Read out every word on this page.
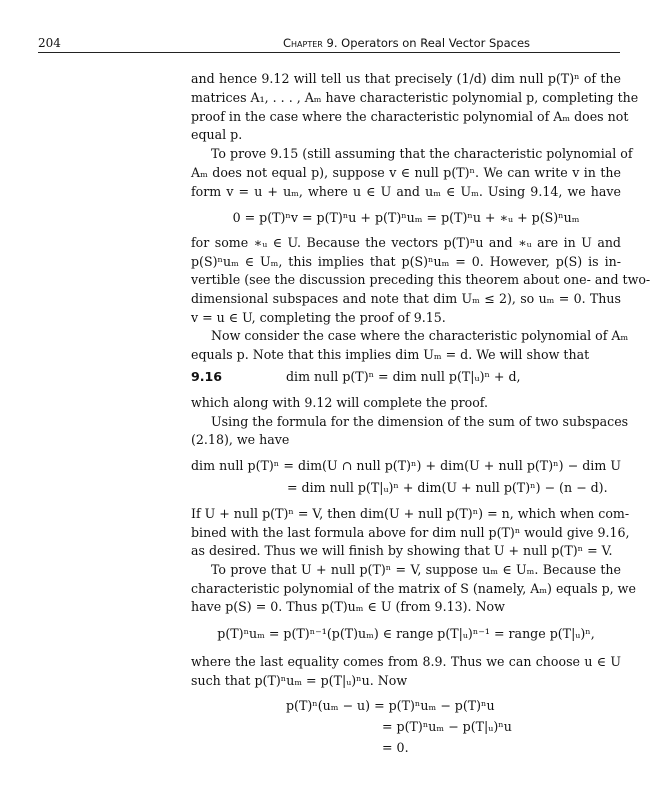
204	Chapter 9. Operators on Real Vector Spaces
and hence 9.12 will tell us that precisely (1/d) dim null p(T)ⁿ of the
matrices A₁, . . . , Aₘ have characteristic polynomial p, completing the
proof in the case where the characteristic polynomial of Aₘ does not
equal p.
To prove 9.15 (still assuming that the characteristic polynomial of
Aₘ does not equal p), suppose v ∈ null p(T)ⁿ. We can write v in the
form v = u + uₘ, where u ∈ U and uₘ ∈ Uₘ. Using 9.14, we have
0 = p(T)ⁿv = p(T)ⁿu + p(T)ⁿuₘ = p(T)ⁿu + ∗ᵤ + p(S)ⁿuₘ
for some ∗ᵤ ∈ U. Because the vectors p(T)ⁿu and ∗ᵤ are in U and
p(S)ⁿuₘ ∈ Uₘ, this implies that p(S)ⁿuₘ = 0. However, p(S) is in-
vertible (see the discussion preceding this theorem about one- and two-
dimensional subspaces and note that dim Uₘ ≤ 2), so uₘ = 0. Thus
v = u ∈ U, completing the proof of 9.15.
Now consider the case where the characteristic polynomial of Aₘ
equals p. Note that this implies dim Uₘ = d. We will show that
9.16	dim null p(T)ⁿ = dim null p(T|ᵤ)ⁿ + d,
which along with 9.12 will complete the proof.
Using the formula for the dimension of the sum of two subspaces
(2.18), we have
dim null p(T)ⁿ = dim(U ∩ null p(T)ⁿ) + dim(U + null p(T)ⁿ) − dim U
= dim null p(T|ᵤ)ⁿ + dim(U + null p(T)ⁿ) − (n − d).
If U + null p(T)ⁿ = V, then dim(U + null p(T)ⁿ) = n, which when com-
bined with the last formula above for dim null p(T)ⁿ would give 9.16,
as desired. Thus we will finish by showing that U + null p(T)ⁿ = V.
To prove that U + null p(T)ⁿ = V, suppose uₘ ∈ Uₘ. Because the
characteristic polynomial of the matrix of S (namely, Aₘ) equals p, we
have p(S) = 0. Thus p(T)uₘ ∈ U (from 9.13). Now
p(T)ⁿuₘ = p(T)ⁿ⁻¹(p(T)uₘ) ∈ range p(T|ᵤ)ⁿ⁻¹ = range p(T|ᵤ)ⁿ,
where the last equality comes from 8.9. Thus we can choose u ∈ U
such that p(T)ⁿuₘ = p(T|ᵤ)ⁿu. Now
p(T)ⁿ(uₘ − u) = p(T)ⁿuₘ − p(T)ⁿu
= p(T)ⁿuₘ − p(T|ᵤ)ⁿu
= 0.
